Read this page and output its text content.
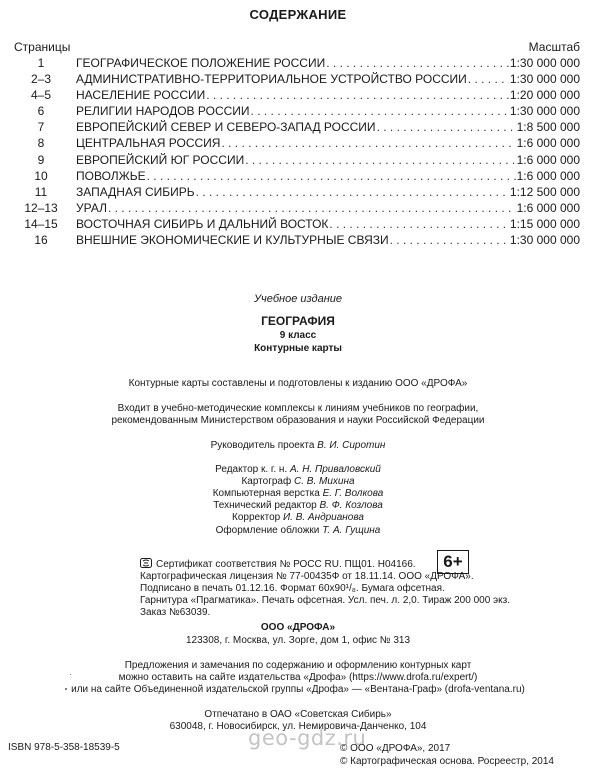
СОДЕРЖАНИЕ
Страницы	Масштаб
1	ГЕОГРАФИЧЕСКОЕ ПОЛОЖЕНИЕ РОССИИ . . .	1:30 000 000
2–3	АДМИНИСТРАТИВНО-ТЕРРИТОРИАЛЬНОЕ УСТРОЙСТВО РОССИИ . . .	1:30 000 000
4–5	НАСЕЛЕНИЕ РОССИИ . . .	1:20 000 000
6	РЕЛИГИИ НАРОДОВ РОССИИ . . .	1:30 000 000
7	ЕВРОПЕЙСКИЙ СЕВЕР И СЕВЕРО-ЗАПАД РОССИИ . . .	1:8 500 000
8	ЦЕНТРАЛЬНАЯ РОССИЯ . . .	1:6 000 000
9	ЕВРОПЕЙСКИЙ ЮГ РОССИИ . . .	1:6 000 000
10	ПОВОЛЖЬЕ . . .	1:6 000 000
11	ЗАПАДНАЯ СИБИРЬ . . .	1:12 500 000
12–13	УРАЛ . . .	1:6 000 000
14–15	ВОСТОЧНАЯ СИБИРЬ И ДАЛЬНИЙ ВОСТОК . . .	1:15 000 000
16	ВНЕШНИЕ ЭКОНОМИЧЕСКИЕ И КУЛЬТУРНЫЕ СВЯЗИ . . .	1:30 000 000
Учебное издание
ГЕОГРАФИЯ
9 класс
Контурные карты
Контурные карты составлены и подготовлены к изданию ООО «ДРОФА»
Входит в учебно-методические комплексы к линиям учебников по географии,
рекомендованным Министерством образования и науки Российской Федерации
Руководитель проекта В. И. Сиротин
Редактор к. г. н. А. Н. Приваловский
Картограф С. В. Михина
Компьютерная верстка Е. Г. Волкова
Технический редактор В. Ф. Козлова
Корректор И. В. Андрианова
Оформление обложки Т. А. Гущина
Сертификат соответствия № РОСС RU. ПЩ01. Н04166.
Картографическая лицензия № 77-00435Ф от 18.11.14. ООО «ДРОФА».
Подписано в печать 01.12.16. Формат 60x90¹/₈. Бумага офсетная.
Гарнитура «Прагматика». Печать офсетная. Усл. печ. л. 2,0. Тираж 200 000 экз.
Заказ №63039.
6+
ООО «ДРОФА»
123308, г. Москва, ул. Зорге, дом 1, офис № 313
Предложения и замечания по содержанию и оформлению контурных карт
можно оставить на сайте издательства «Дрофа» (https://www.drofa.ru/expert/)
или на сайте Объединенной издательской группы «Дрофа» — «Вентана-Граф» (drofa-ventana.ru)
Отпечатано в ОАО «Советская Сибирь»
630048, г. Новосибирск, ул. Немировича-Данченко, 104
geo-gdz.ru
ISBN 978-5-358-18539-5	© ООО «ДРОФА», 2017
© Картографическая основа. Росреестр, 2014
